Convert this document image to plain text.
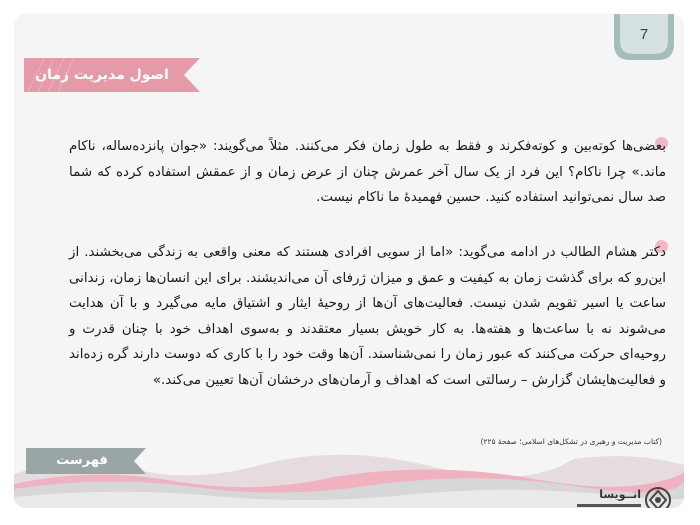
7
اصول مدیریت زمان

بعضی‌ها کوته‌بین و کوته‌فکرند و فقط به طول زمان فکر می‌کنند. مثلاً می‌گویند: «جوان پانزده‌ساله، ناکام ماند.» چرا ناکام؟ این فرد از یک سال آخر عمرش چنان از عرض زمان و از عمقش استفاده کرده که شما صد سال نمی‌توانید استفاده کنید. حسین فهمیدهٔ ما ناکام نیست.

دکتر هشام الطالب در ادامه می‌گوید: «اما از سویی افرادی هستند که معنی واقعی به زندگی می‌بخشند. از این‌رو که برای گذشت زمان به کیفیت و عمق و میزان ژرفای آن می‌اندیشند. برای این انسان‌ها زمان، زندانی ساعت یا اسیر تقویم شدن نیست. فعالیت‌های آن‌ها از روحیهٔ ایثار و اشتیاق مایه می‌گیرد و با آن هدایت می‌شوند نه با ساعت‌ها و هفته‌ها. به کار خویش بسیار معتقدند و به‌سوی اهداف خود با چنان قدرت و روحیه‌ای حرکت می‌کنند که عبور زمان را نمی‌شناسند. آن‌ها وقت خود را با کاری که دوست دارند گره زده‌اند و فعالیت‌هایشان گزارش – رسالتی است که اهداف و آرمان‌های درخشان آن‌ها تعیین می‌کند.»

(کتاب مدیریت و رهبری در تشکل‌های اسلامی؛ صفحهٔ ۲۲۵)
فهرست
انــویسا
